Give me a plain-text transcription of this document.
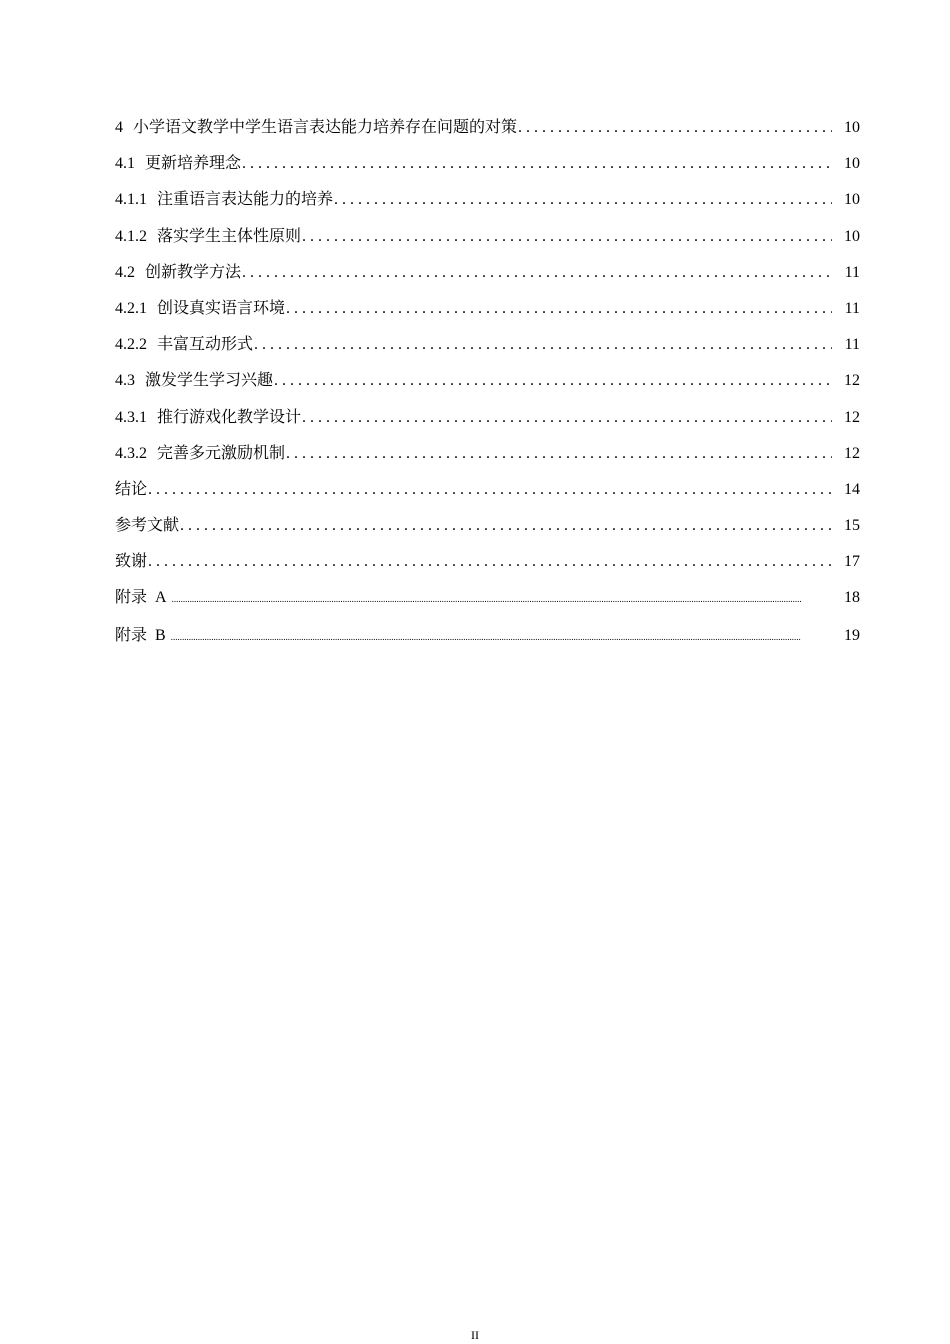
4 小学语文教学中学生语言表达能力培养存在问题的对策 . . .	10
4.1 更新培养理念 . . .	10
4.1.1 注重语言表达能力的培养 . . .	10
4.1.2 落实学生主体性原则 . . .	10
4.2 创新教学方法 . . .	11
4.2.1 创设真实语言环境 . . .	11
4.2.2 丰富互动形式 . . .	11
4.3 激发学生学习兴趣 . . .	12
4.3.1 推行游戏化教学设计 . . .	12
4.3.2 完善多元激励机制 . . .	12
结论 . . .	14
参考文献 . . .	15
致谢 . . .	17
附录  A .....	18
附录  B .....	19
II
